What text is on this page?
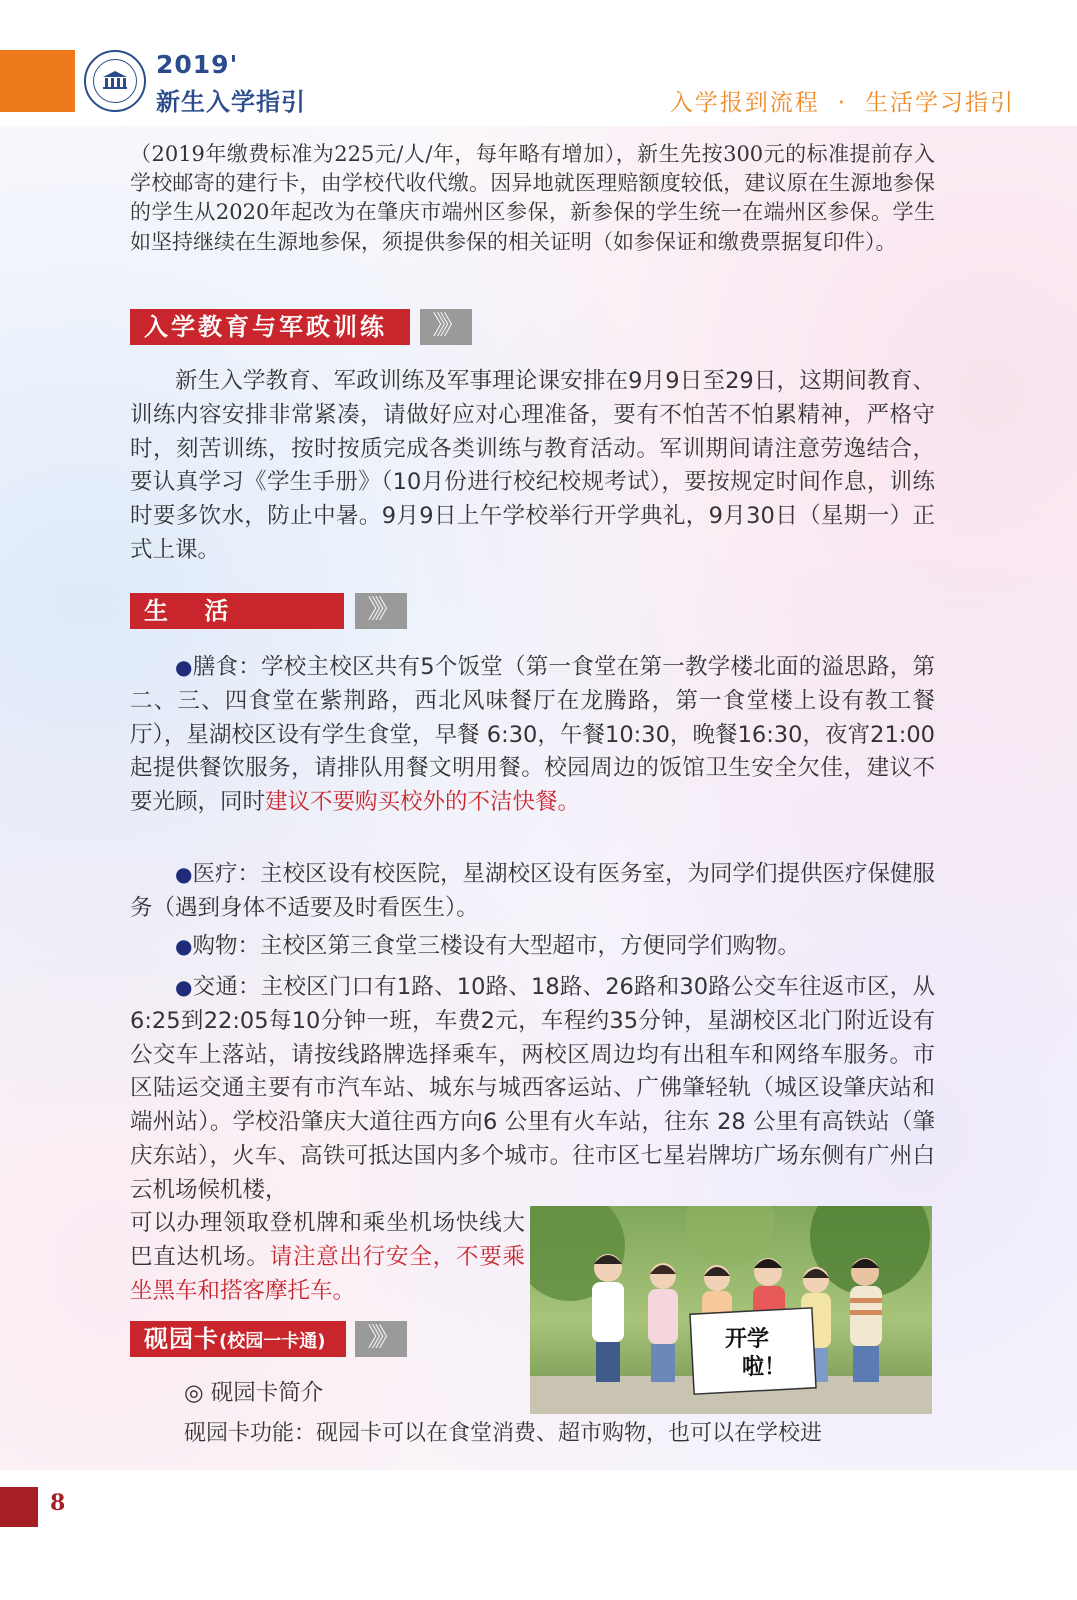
2019'
新生入学指引	入学报到流程 · 生活学习指引

（2019年缴费标准为225元/人/年，每年略有增加），新生先按300元的标准提前存入学校邮寄的建行卡，由学校代收代缴。因异地就医理赔额度较低，建议原在生源地参保的学生从2020年起改为在肇庆市端州区参保，新参保的学生统一在端州区参保。学生如坚持继续在生源地参保，须提供参保的相关证明（如参保证和缴费票据复印件）。

入学教育与军政训练	》》

新生入学教育、军政训练及军事理论课安排在9月9日至29日，这期间教育、训练内容安排非常紧凑，请做好应对心理准备，要有不怕苦不怕累精神，严格守时，刻苦训练，按时按质完成各类训练与教育活动。军训期间请注意劳逸结合，要认真学习《学生手册》（10月份进行校纪校规考试），要按规定时间作息，训练时要多饮水，防止中暑。9月9日上午学校举行开学典礼，9月30日（星期一）正式上课。

生 活	》》

●膳食：学校主校区共有5个饭堂（第一食堂在第一教学楼北面的溢思路，第二、三、四食堂在紫荆路，西北风味餐厅在龙腾路，第一食堂楼上设有教工餐厅），星湖校区设有学生食堂，早餐 6:30，午餐10:30，晚餐16:30，夜宵21:00起提供餐饮服务，请排队用餐文明用餐。校园周边的饭馆卫生安全欠佳，建议不要光顾，同时建议不要购买校外的不洁快餐。

●医疗：主校区设有校医院，星湖校区设有医务室，为同学们提供医疗保健服务（遇到身体不适要及时看医生）。

●购物：主校区第三食堂三楼设有大型超市，方便同学们购物。

●交通：主校区门口有1路、10路、18路、26路和30路公交车往返市区，从6:25到22:05每10分钟一班，车费2元，车程约35分钟，星湖校区北门附近设有公交车上落站，请按线路牌选择乘车，两校区周边均有出租车和网络车服务。市区陆运交通主要有市汽车站、城东与城西客运站、广佛肇轻轨（城区设肇庆站和端州站）。学校沿肇庆大道往西方向6 公里有火车站，往东 28 公里有高铁站（肇庆东站），火车、高铁可抵达国内多个城市。往市区七星岩牌坊广场东侧有广州白云机场候机楼，

可以办理领取登机牌和乘坐机场快线大巴直达机场。请注意出行安全，不要乘坐黑车和搭客摩托车。

开学
啦！
砚园卡(校园一卡通)	》》
◎ 砚园卡简介
砚园卡功能：砚园卡可以在食堂消费、超市购物，也可以在学校进
8
